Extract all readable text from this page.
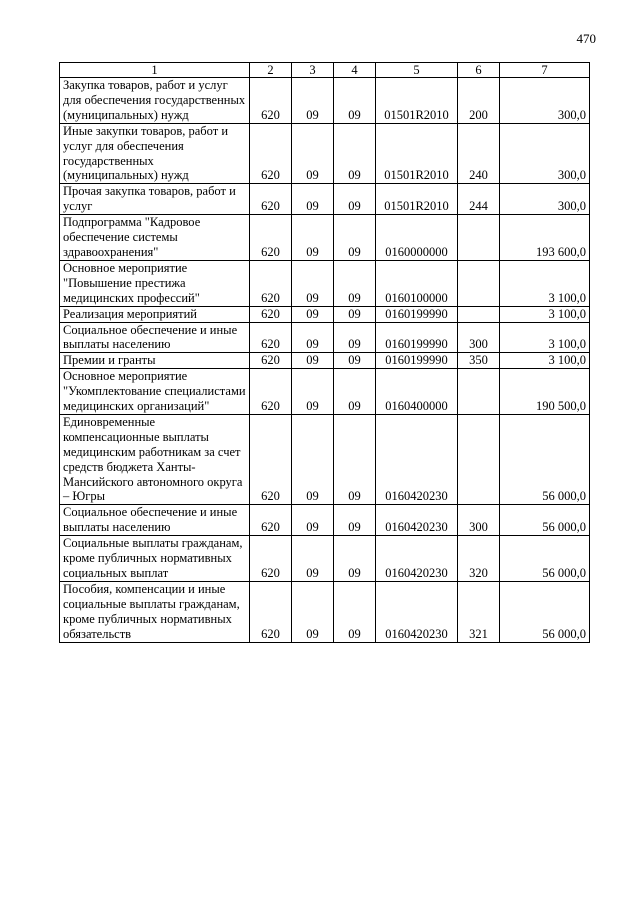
470
1	2	3	4	5	6	7
Закупка товаров, работ и услуг для обеспечения государственных (муниципальных) нужд	620	09	09	01501R2010	200	300,0
Иные закупки товаров, работ и услуг для обеспечения государственных (муниципальных) нужд	620	09	09	01501R2010	240	300,0
Прочая закупка товаров, работ и услуг	620	09	09	01501R2010	244	300,0
Подпрограмма "Кадровое обеспечение системы здравоохранения"	620	09	09	0160000000		193 600,0
Основное мероприятие "Повышение престижа медицинских профессий"	620	09	09	0160100000		3 100,0
Реализация мероприятий	620	09	09	0160199990		3 100,0
Социальное обеспечение и иные выплаты населению	620	09	09	0160199990	300	3 100,0
Премии и гранты	620	09	09	0160199990	350	3 100,0
Основное мероприятие "Укомплектование специалистами медицинских организаций"	620	09	09	0160400000		190 500,0
Единовременные компенсационные выплаты медицинским работникам за счет средств бюджета Ханты-Мансийского автономного округа – Югры	620	09	09	0160420230		56 000,0
Социальное обеспечение и иные выплаты населению	620	09	09	0160420230	300	56 000,0
Социальные выплаты гражданам, кроме публичных нормативных социальных выплат	620	09	09	0160420230	320	56 000,0
Пособия, компенсации и иные социальные выплаты гражданам, кроме публичных нормативных обязательств	620	09	09	0160420230	321	56 000,0
